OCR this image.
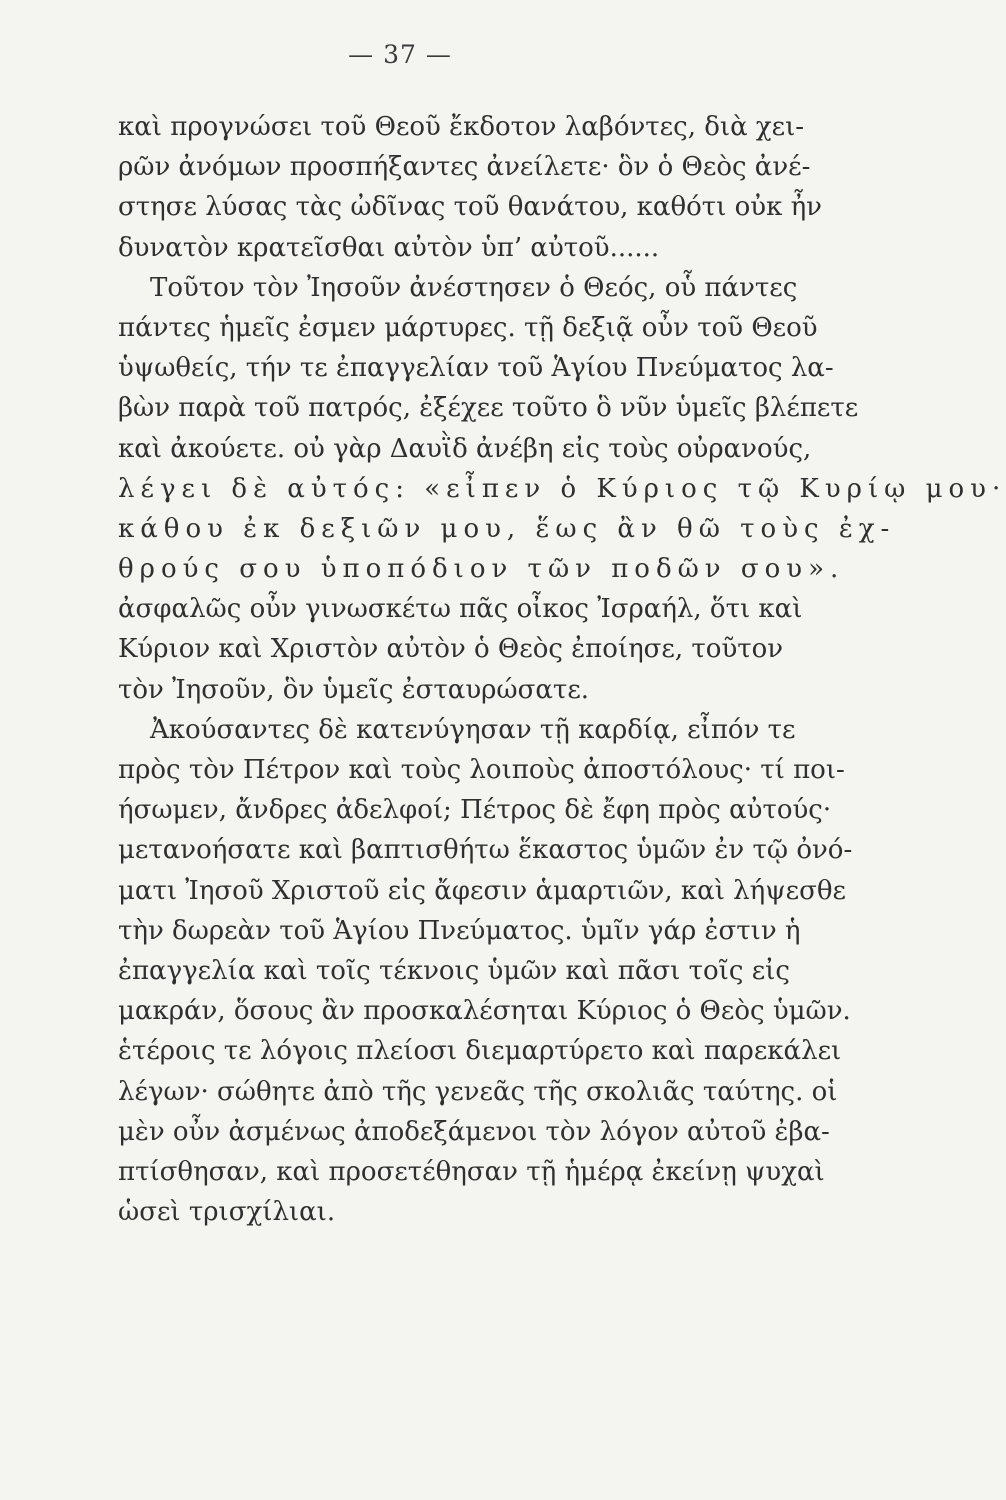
— 37 —
καὶ προγνώσει τοῦ Θεοῦ ἔκδοτον λαβόντες, διὰ χει-
ρῶν ἀνόμων προσπήξαντες ἀνείλετε· ὃν ὁ Θεὸς ἀνέ-
στησε λύσας τὰς ὠδῖνας τοῦ θανάτου, καθότι οὐκ ἦν
δυνατὸν κρατεῖσθαι αὐτὸν ὑπ’ αὐτοῦ......
Τοῦτον τὸν Ἰησοῦν ἀνέστησεν ὁ Θεός, οὗ πάντες
πάντες ἡμεῖς ἐσμεν μάρτυρες. τῇ δεξιᾷ οὖν τοῦ Θεοῦ
ὑψωθείς, τήν τε ἐπαγγελίαν τοῦ Ἁγίου Πνεύματος λα-
βὼν παρὰ τοῦ πατρός, ἐξέχεε τοῦτο ὃ νῦν ὑμεῖς βλέπετε
καὶ ἀκούετε. οὐ γὰρ Δαυῒδ ἀνέβη εἰς τοὺς οὐρανούς,
λέγει δὲ αὐτός: «εἶπεν ὁ Κύριος τῷ Κυρίῳ μου·
κάθου ἐκ δεξιῶν μου, ἕως ἂν θῶ τοὺς ἐχ-
θρούς σου ὑποπόδιον τῶν ποδῶν σου».
ἀσφαλῶς οὖν γινωσκέτω πᾶς οἶκος Ἰσραήλ, ὅτι καὶ
Κύριον καὶ Χριστὸν αὐτὸν ὁ Θεὸς ἐποίησε, τοῦτον
τὸν Ἰησοῦν, ὃν ὑμεῖς ἐσταυρώσατε.
Ἀκούσαντες δὲ κατενύγησαν τῇ καρδίᾳ, εἶπόν τε
πρὸς τὸν Πέτρον καὶ τοὺς λοιποὺς ἀποστόλους· τί ποι-
ήσωμεν, ἄνδρες ἀδελφοί; Πέτρος δὲ ἔφη πρὸς αὐτούς·
μετανοήσατε καὶ βαπτισθήτω ἕκαστος ὑμῶν ἐν τῷ ὀνό-
ματι Ἰησοῦ Χριστοῦ εἰς ἄφεσιν ἁμαρτιῶν, καὶ λήψεσθε
τὴν δωρεὰν τοῦ Ἁγίου Πνεύματος. ὑμῖν γάρ ἐστιν ἡ
ἐπαγγελία καὶ τοῖς τέκνοις ὑμῶν καὶ πᾶσι τοῖς εἰς
μακράν, ὅσους ἂν προσκαλέσηται Κύριος ὁ Θεὸς ὑμῶν.
ἑτέροις τε λόγοις πλείοσι διεμαρτύρετο καὶ παρεκάλει
λέγων· σώθητε ἀπὸ τῆς γενεᾶς τῆς σκολιᾶς ταύτης. οἱ
μὲν οὖν ἀσμένως ἀποδεξάμενοι τὸν λόγον αὐτοῦ ἐβα-
πτίσθησαν, καὶ προσετέθησαν τῇ ἡμέρᾳ ἐκείνῃ ψυχαὶ
ὡσεὶ τρισχίλιαι.
